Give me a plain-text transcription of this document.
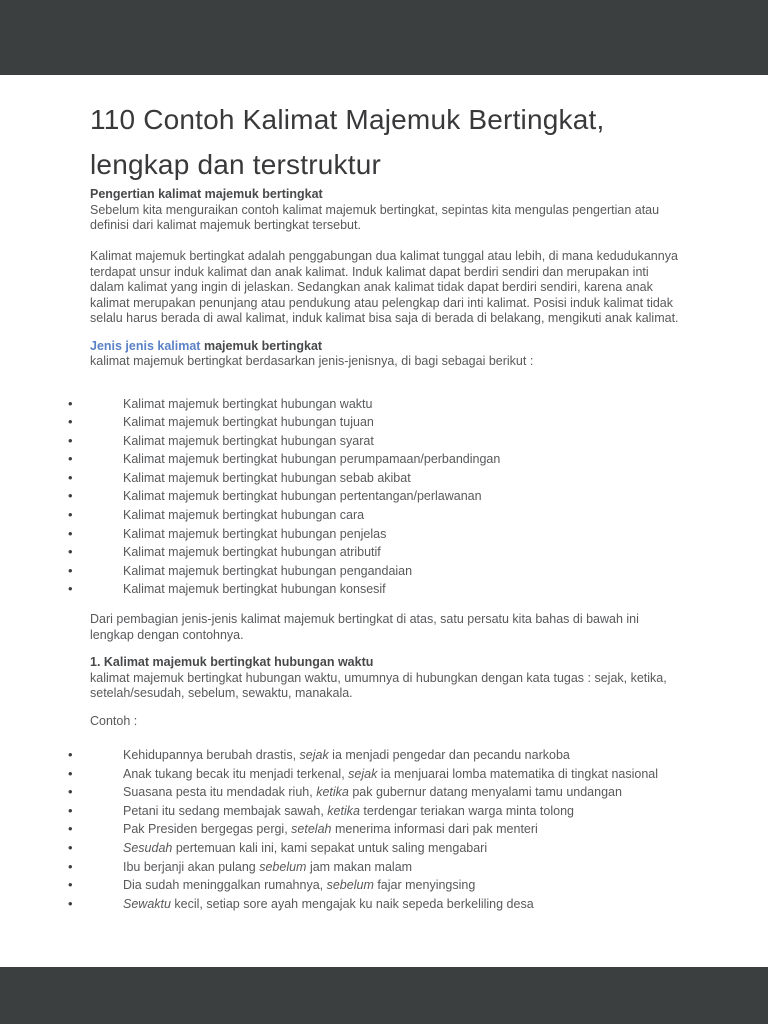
110 Contoh Kalimat Majemuk Bertingkat, lengkap dan terstruktur

Pengertian kalimat majemuk bertingkat

Sebelum kita menguraikan contoh kalimat majemuk bertingkat, sepintas kita mengulas pengertian atau definisi dari kalimat majemuk bertingkat tersebut.

Kalimat majemuk bertingkat adalah penggabungan dua kalimat tunggal atau lebih, di mana kedudukannya terdapat unsur induk kalimat dan anak kalimat. Induk kalimat dapat berdiri sendiri dan merupakan inti dalam kalimat yang ingin di jelaskan. Sedangkan anak kalimat tidak dapat berdiri sendiri, karena anak kalimat merupakan penunjang atau pendukung atau pelengkap dari inti kalimat. Posisi induk kalimat tidak selalu harus berada di awal kalimat, induk kalimat bisa saja di berada di belakang, mengikuti anak kalimat.

Jenis jenis kalimat majemuk bertingkat

kalimat majemuk bertingkat berdasarkan jenis-jenisnya, di bagi sebagai berikut :

•	Kalimat majemuk bertingkat hubungan waktu
•	Kalimat majemuk bertingkat hubungan tujuan
•	Kalimat majemuk bertingkat hubungan syarat
•	Kalimat majemuk bertingkat hubungan perumpamaan/perbandingan
•	Kalimat majemuk bertingkat hubungan sebab akibat
•	Kalimat majemuk bertingkat hubungan pertentangan/perlawanan
•	Kalimat majemuk bertingkat hubungan cara
•	Kalimat majemuk bertingkat hubungan penjelas
•	Kalimat majemuk bertingkat hubungan atributif
•	Kalimat majemuk bertingkat hubungan pengandaian
•	Kalimat majemuk bertingkat hubungan konsesif

Dari pembagian jenis-jenis kalimat majemuk bertingkat di atas, satu persatu kita bahas di bawah ini lengkap dengan contohnya.

1. Kalimat majemuk bertingkat hubungan waktu

kalimat majemuk bertingkat hubungan waktu, umumnya di hubungkan dengan kata tugas : sejak, ketika, setelah/sesudah, sebelum, sewaktu, manakala.

Contoh :

•	Kehidupannya berubah drastis, sejak ia menjadi pengedar dan pecandu narkoba
•	Anak tukang becak itu menjadi terkenal, sejak ia menjuarai lomba matematika di tingkat nasional
•	Suasana pesta itu mendadak riuh, ketika pak gubernur datang menyalami tamu undangan
•	Petani itu sedang membajak sawah, ketika terdengar teriakan warga minta tolong
•	Pak Presiden bergegas pergi, setelah menerima informasi dari pak menteri
•	Sesudah pertemuan kali ini, kami sepakat untuk saling mengabari
•	Ibu berjanji akan pulang sebelum jam makan malam
•	Dia sudah meninggalkan rumahnya, sebelum fajar menyingsing
•	Sewaktu kecil, setiap sore ayah mengajak ku naik sepeda berkeliling desa
